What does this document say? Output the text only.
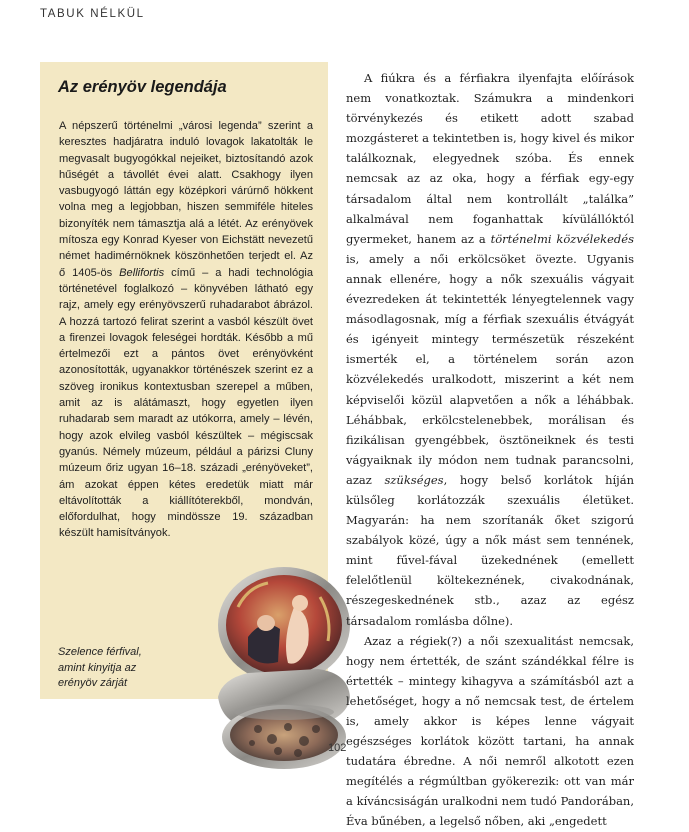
TABUK NÉLKÜL
Az erényöv legendája

A népszerű történelmi „városi legenda” szerint a keresztes hadjáratra induló lovagok lakatolták le megvasalt bugyogókkal nejeiket, biztosítandó azok hűségét a távollét évei alatt. Csakhogy ilyen vasbugyogó láttán egy középkori várúrnő hökkent volna meg a legjobban, hiszen semmiféle hiteles bizonyíték nem támasztja alá a létét. Az erényövek mítosza egy Konrad Kyeser von Eichstätt nevezetű német hadimérnöknek köszönhetően terjedt el. Az ő 1405-ös Bellifortis című – a hadi technológia történetével foglalkozó – könyvében látható egy rajz, amely egy erényövszerű ruhadarabot ábrázol. A hozzá tartozó felirat szerint a vasból készült övet a firenzei lovagok feleségei hordták. Később a mű értelmezői ezt a pántos övet erényövként azonosították, ugyanakkor történészek szerint ez a szöveg ironikus kontextusban szerepel a műben, amit az is alátámaszt, hogy egyetlen ilyen ruhadarab sem maradt az utókorra, amely – lévén, hogy azok elvileg vasból készültek – mégiscsak gyanús. Némely múzeum, például a párizsi Cluny múzeum őriz ugyan 16–18. századi „erényöveket”, ám azokat éppen kétes eredetük miatt már eltávolították a kiállítóterekből, mondván, előfordulhat, hogy mindössze 19. században készült hamisítványok.

Szelence férfival, amint kinyitja az erényöv zárját

A fiúkra és a férfiakra ilyenfajta előírások nem vonatkoztak. Számukra a mindenkori törvénykezés és etikett adott szabad mozgásteret a tekintetben is, hogy kivel és mikor találkoznak, elegyednek szóba. És ennek nemcsak az az oka, hogy a férfiak egy-egy társadalom által nem kontrollált „találka” alkalmával nem foganhattak kívülállóktól gyermeket, hanem az a történelmi közvélekedés is, amely a női erkölcsöket övezte. Ugyanis annak ellenére, hogy a nők szexuális vágyait évezredeken át tekintették lényegtelennek vagy másodlagosnak, míg a férfiak szexuális étvágyát és igényeit mintegy természetük részeként ismerték el, a történelem során azon közvélekedés uralkodott, miszerint a két nem képviselői közül alapvetően a nők a léhábbak. Léhábbak, erkölcstelenebbek, morálisan és fizikálisan gyengébbek, ösztöneiknek és testi vágyaiknak ily módon nem tudnak parancsolni, azaz szükséges, hogy belső korlátok híján külsőleg korlátozzák szexuális életüket. Magyarán: ha nem szorítanák őket szigorú szabályok közé, úgy a nők mást sem tennének, mint fűvel-fával üzekednének (emellett felelőtlenül költekeznének, civakodnának, részegeskednének stb., azaz az egész társadalom romlásba dőlne).

Azaz a régiek(?) a női szexualitást nemcsak, hogy nem értették, de szánt szándékkal félre is értették – mintegy kihagyva a számításból azt a lehetőséget, hogy a nő nemcsak test, de értelem is, amely akkor is képes lenne vágyait egészséges korlátok között tartani, ha annak tudatára ébredne. A női nemről alkotott ezen megítélés a régmúltban gyökerezik: ott van már a kíváncsiságán uralkodni nem tudó Pandorában, Éva bűnében, a legelső nőben, aki „engedett

102
